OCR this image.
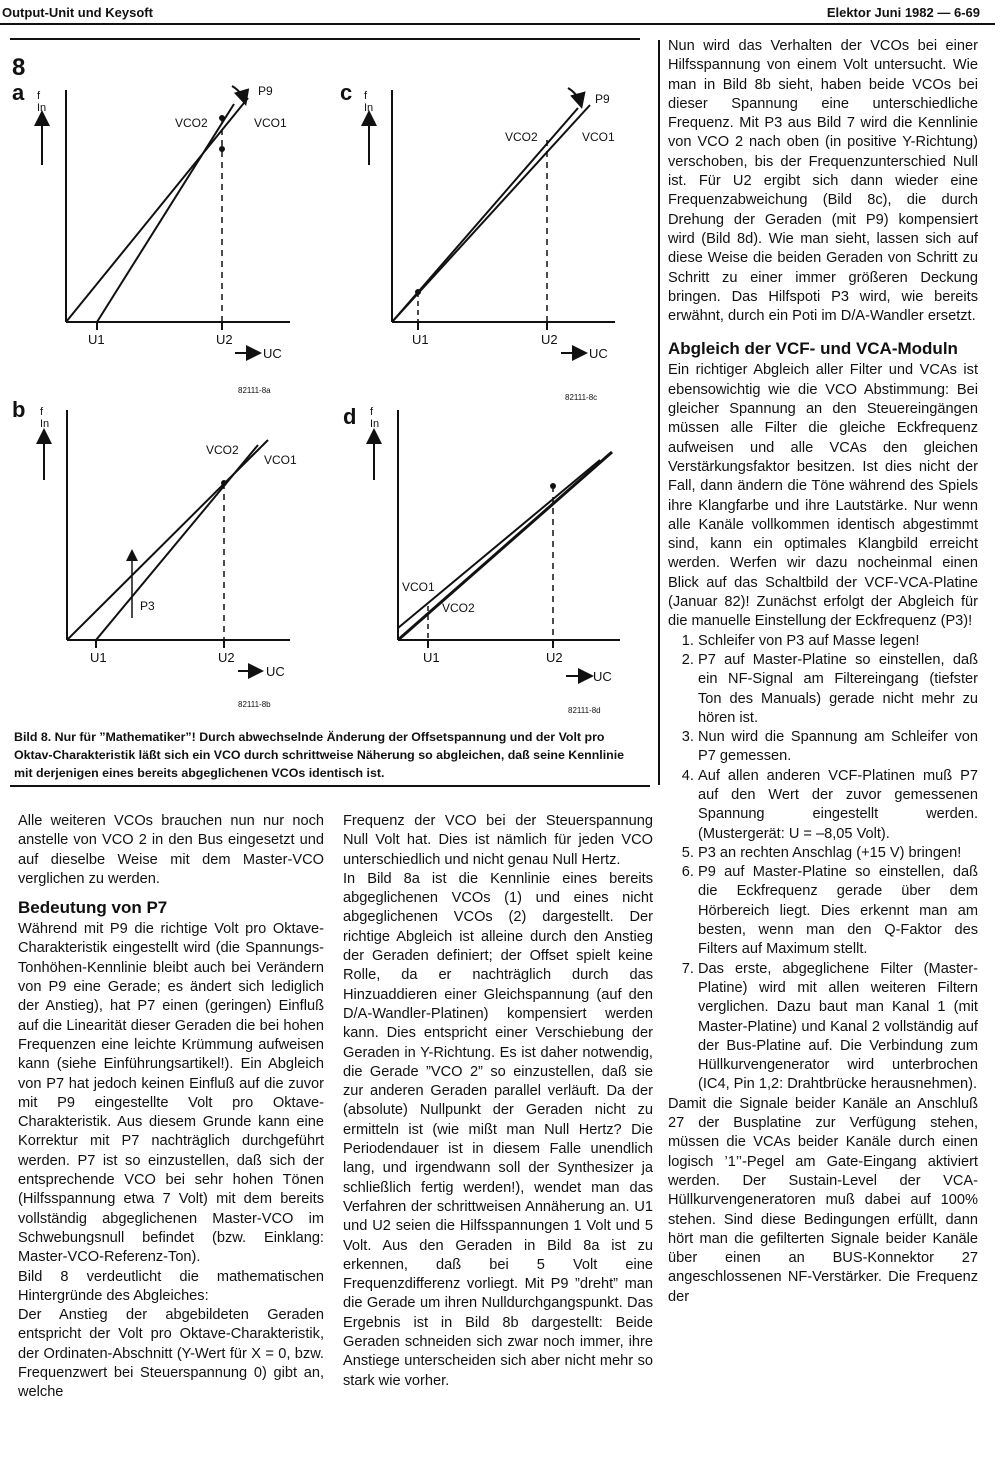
Output-Unit und Keysoft	Elektor Juni 1982 — 6-69
8
a f
In
VCO2	VCO1
P9
U1	U2
UC
82111-8a
c f
In
VCO2	VCO1
P9
U1	U2
UC
82111-8c
b f
In
VCO2
VCO1
P3
U1	U2
UC
82111-8b
d f
In
VCO1
VCO2
U1	U2
UC
82111-8d
Bild 8. Nur für ”Mathematiker”! Durch abwechselnde Änderung der Offsetspannung und der Volt pro Oktav-Charakteristik läßt sich ein VCO durch schrittweise Näherung so abgleichen, daß seine Kennlinie mit derjenigen eines bereits abgeglichenen VCOs identisch ist.

Alle weiteren VCOs brauchen nun nur noch anstelle von VCO 2 in den Bus eingesetzt und auf dieselbe Weise mit dem Master-VCO verglichen zu werden.

Bedeutung von P7

Während mit P9 die richtige Volt pro Oktave-Charakteristik eingestellt wird (die Spannungs-Tonhöhen-Kennlinie bleibt auch bei Verändern von P9 eine Gerade; es ändert sich lediglich der Anstieg), hat P7 einen (geringen) Einfluß auf die Linearität dieser Geraden die bei hohen Frequenzen eine leichte Krümmung aufweisen kann (siehe Einführungsartikel!). Ein Abgleich von P7 hat jedoch keinen Einfluß auf die zuvor mit P9 eingestellte Volt pro Oktave-Charakteristik. Aus diesem Grunde kann eine Korrektur mit P7 nachträglich durchgeführt werden. P7 ist so einzustellen, daß sich der entsprechende VCO bei sehr hohen Tönen (Hilfsspannung etwa 7 Volt) mit dem bereits vollständig abgeglichenen Master-VCO im Schwebungsnull befindet (bzw. Einklang: Master-VCO-Referenz-Ton).

Bild 8 verdeutlicht die mathematischen Hintergründe des Abgleiches:

Der Anstieg der abgebildeten Geraden entspricht der Volt pro Oktave-Charakteristik, der Ordinaten-Abschnitt (Y-Wert für X = 0, bzw. Frequenzwert bei Steuerspannung 0) gibt an, welche

Frequenz der VCO bei der Steuerspannung Null Volt hat. Dies ist nämlich für jeden VCO unterschiedlich und nicht genau Null Hertz.

In Bild 8a ist die Kennlinie eines bereits abgeglichenen VCOs (1) und eines nicht abgeglichenen VCOs (2) dargestellt. Der richtige Abgleich ist alleine durch den Anstieg der Geraden definiert; der Offset spielt keine Rolle, da er nachträglich durch das Hinzuaddieren einer Gleichspannung (auf den D/A-Wandler-Platinen) kompensiert werden kann. Dies entspricht einer Verschiebung der Geraden in Y-Richtung. Es ist daher notwendig, die Gerade ”VCO 2” so einzustellen, daß sie zur anderen Geraden parallel verläuft. Da der (absolute) Nullpunkt der Geraden nicht zu ermitteln ist (wie mißt man Null Hertz? Die Periodendauer ist in diesem Falle unendlich lang, und irgendwann soll der Synthesizer ja schließlich fertig werden!), wendet man das Verfahren der schrittweisen Annäherung an. U1 und U2 seien die Hilfsspannungen 1 Volt und 5 Volt. Aus den Geraden in Bild 8a ist zu erkennen, daß bei 5 Volt eine Frequenzdifferenz vorliegt. Mit P9 ”dreht” man die Gerade um ihren Nulldurchgangspunkt. Das Ergebnis ist in Bild 8b dargestellt: Beide Geraden schneiden sich zwar noch immer, ihre Anstiege unterscheiden sich aber nicht mehr so stark wie vorher.

Nun wird das Verhalten der VCOs bei einer Hilfsspannung von einem Volt untersucht. Wie man in Bild 8b sieht, haben beide VCOs bei dieser Spannung eine unterschiedliche Frequenz. Mit P3 aus Bild 7 wird die Kennlinie von VCO 2 nach oben (in positive Y-Richtung) verschoben, bis der Frequenzunterschied Null ist. Für U2 ergibt sich dann wieder eine Frequenzabweichung (Bild 8c), die durch Drehung der Geraden (mit P9) kompensiert wird (Bild 8d). Wie man sieht, lassen sich auf diese Weise die beiden Geraden von Schritt zu Schritt zu einer immer größeren Deckung bringen. Das Hilfspoti P3 wird, wie bereits erwähnt, durch ein Poti im D/A-Wandler ersetzt.

Abgleich der VCF- und VCA-Moduln

Ein richtiger Abgleich aller Filter und VCAs ist ebensowichtig wie die VCO Abstimmung: Bei gleicher Spannung an den Steuereingängen müssen alle Filter die gleiche Eckfrequenz aufweisen und alle VCAs den gleichen Verstärkungsfaktor besitzen. Ist dies nicht der Fall, dann ändern die Töne während des Spiels ihre Klangfarbe und ihre Lautstärke. Nur wenn alle Kanäle vollkommen identisch abgestimmt sind, kann ein optimales Klangbild erreicht werden. Werfen wir dazu nocheinmal einen Blick auf das Schaltbild der VCF-VCA-Platine (Januar 82)! Zunächst erfolgt der Abgleich für die manuelle Einstellung der Eckfrequenz (P3)!

1. Schleifer von P3 auf Masse legen!
2. P7 auf Master-Platine so einstellen, daß ein NF-Signal am Filtereingang (tiefster Ton des Manuals) gerade nicht mehr zu hören ist.
3. Nun wird die Spannung am Schleifer von P7 gemessen.
4. Auf allen anderen VCF-Platinen muß P7 auf den Wert der zuvor gemessenen Spannung eingestellt werden. (Mustergerät: U = –8,05 Volt).
5. P3 an rechten Anschlag (+15 V) bringen!
6. P9 auf Master-Platine so einstellen, daß die Eckfrequenz gerade über dem Hörbereich liegt. Dies erkennt man am besten, wenn man den Q-Faktor des Filters auf Maximum stellt.
7. Das erste, abgeglichene Filter (Master-Platine) wird mit allen weiteren Filtern verglichen. Dazu baut man Kanal 1 (mit Master-Platine) und Kanal 2 vollständig auf der Bus-Platine auf. Die Verbindung zum Hüllkurvengenerator wird unterbrochen (IC4, Pin 1,2: Drahtbrücke herausnehmen).

Damit die Signale beider Kanäle an Anschluß 27 der Busplatine zur Verfügung stehen, müssen die VCAs beider Kanäle durch einen logisch ’1’’-Pegel am Gate-Eingang aktiviert werden. Der Sustain-Level der VCA-Hüllkurvengeneratoren muß dabei auf 100% stehen. Sind diese Bedingungen erfüllt, dann hört man die gefilterten Signale beider Kanäle über einen an BUS-Konnektor 27 angeschlossenen NF-Verstärker. Die Frequenz der
